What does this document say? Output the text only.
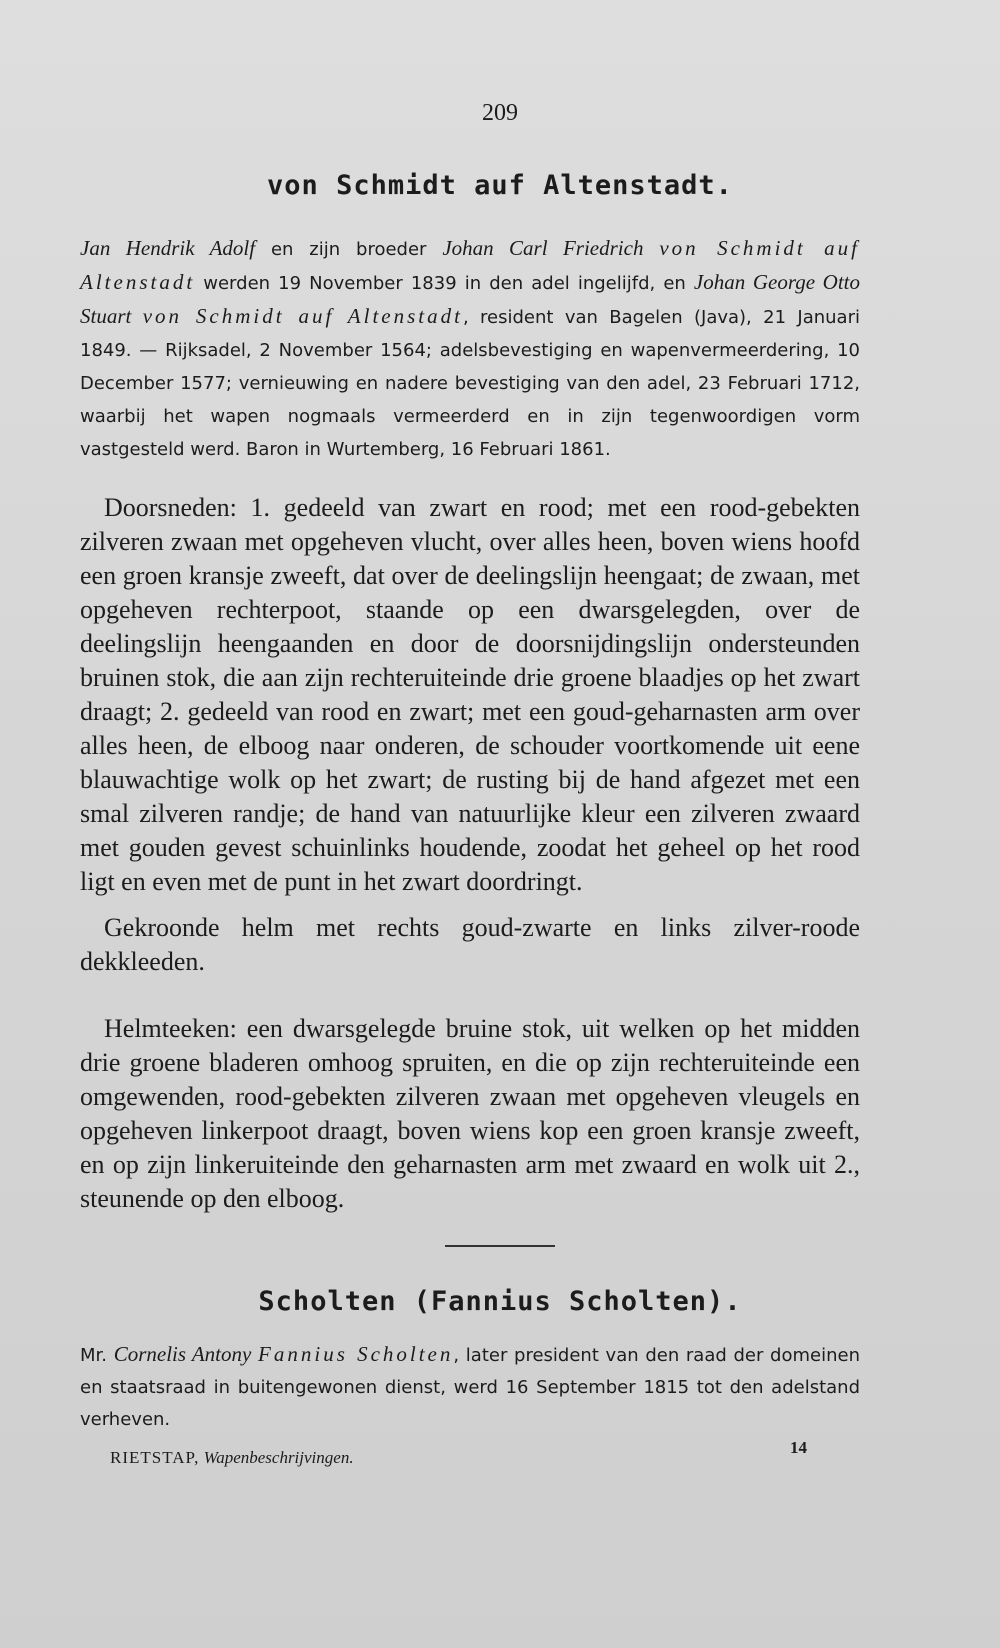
209
von Schmidt auf Altenstadt.

Jan Hendrik Adolf en zijn broeder Johan Carl Friedrich von Schmidt auf Altenstadt werden 19 November 1839 in den adel ingelijfd, en Johan George Otto Stuart von Schmidt auf Altenstadt, resident van Bagelen (Java), 21 Januari 1849. — Rijksadel, 2 November 1564; adelsbevestiging en wapenvermeerdering, 10 December 1577; vernieuwing en nadere bevestiging van den adel, 23 Februari 1712, waarbij het wapen nogmaals vermeerderd en in zijn tegenwoordigen vorm vastgesteld werd. Baron in Wurtemberg, 16 Februari 1861.

Doorsneden: 1. gedeeld van zwart en rood; met een rood-gebekten zilveren zwaan met opgeheven vlucht, over alles heen, boven wiens hoofd een groen kransje zweeft, dat over de deelingslijn heengaat; de zwaan, met opgeheven rechterpoot, staande op een dwarsgelegden, over de deelingslijn heengaanden en door de doorsnijdingslijn ondersteunden bruinen stok, die aan zijn rechteruiteinde drie groene blaadjes op het zwart draagt; 2. gedeeld van rood en zwart; met een goud-geharnasten arm over alles heen, de elboog naar onderen, de schouder voortkomende uit eene blauwachtige wolk op het zwart; de rusting bij de hand afgezet met een smal zilveren randje; de hand van natuurlijke kleur een zilveren zwaard met gouden gevest schuinlinks houdende, zoodat het geheel op het rood ligt en even met de punt in het zwart doordringt.

Gekroonde helm met rechts goud-zwarte en links zilver-roode dekkleeden.

Helmteeken: een dwarsgelegde bruine stok, uit welken op het midden drie groene bladeren omhoog spruiten, en die op zijn rechteruiteinde een omgewenden, rood-gebekten zilveren zwaan met opgeheven vleugels en opgeheven linkerpoot draagt, boven wiens kop een groen kransje zweeft, en op zijn linkeruiteinde den geharnasten arm met zwaard en wolk uit 2., steunende op den elboog.

Scholten (Fannius Scholten).

Mr. Cornelis Antony Fannius Scholten, later president van den raad der domeinen en staatsraad in buitengewonen dienst, werd 16 September 1815 tot den adelstand verheven.

RIETSTAP, Wapenbeschrijvingen.
14
